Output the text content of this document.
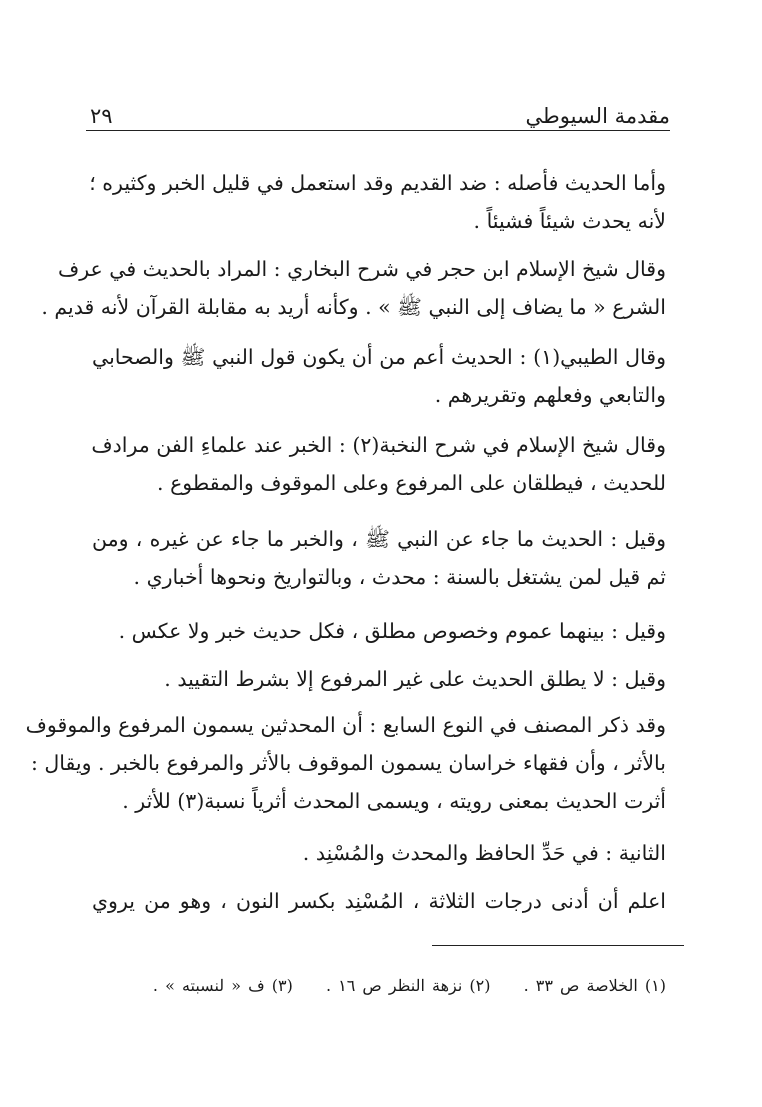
مقدمة السيوطي
٢٩

وأما الحديث فأصله : ضد القديم وقد استعمل في قليل الخبر وكثيره ؛
لأنه يحدث شيئاً فشيئاً .

وقال شيخ الإسلام ابن حجر في شرح البخاري : المراد بالحديث في عرف
الشرع « ما يضاف إلى النبي ﷺ » . وكأنه أريد به مقابلة القرآن لأنه قديم .

وقال الطيبي(١) : الحديث أعم من أن يكون قول النبي ﷺ والصحابي
والتابعي وفعلهم وتقريرهم .

وقال شيخ الإسلام في شرح النخبة(٢) : الخبر عند علماءِ الفن مرادف
للحديث ، فيطلقان على المرفوع وعلى الموقوف والمقطوع .

وقيل : الحديث ما جاء عن النبي ﷺ ، والخبر ما جاء عن غيره ، ومن
ثم قيل لمن يشتغل بالسنة : محدث ، وبالتواريخ ونحوها أخباري .

وقيل : بينهما عموم وخصوص مطلق ، فكل حديث خبر ولا عكس .

وقيل : لا يطلق الحديث على غير المرفوع إلا بشرط التقييد .

وقد ذكر المصنف في النوع السابع : أن المحدثين يسمون المرفوع والموقوف
بالأثر ، وأن فقهاء خراسان يسمون الموقوف بالأثر والمرفوع بالخبر . ويقال :
أثرت الحديث بمعنى رويته ، ويسمى المحدث أثرياً نسبة(٣) للأثر .

الثانية : في حَدِّ الحافظ والمحدث والمُسْنِد .

اعلم أن أدنى درجات الثلاثة ، المُسْنِد بكسر النون ، وهو من يروي

(١) الخلاصة ص ٣٣ . (٢) نزهة النظر ص ١٦ . (٣) ف « لنسبته » .
